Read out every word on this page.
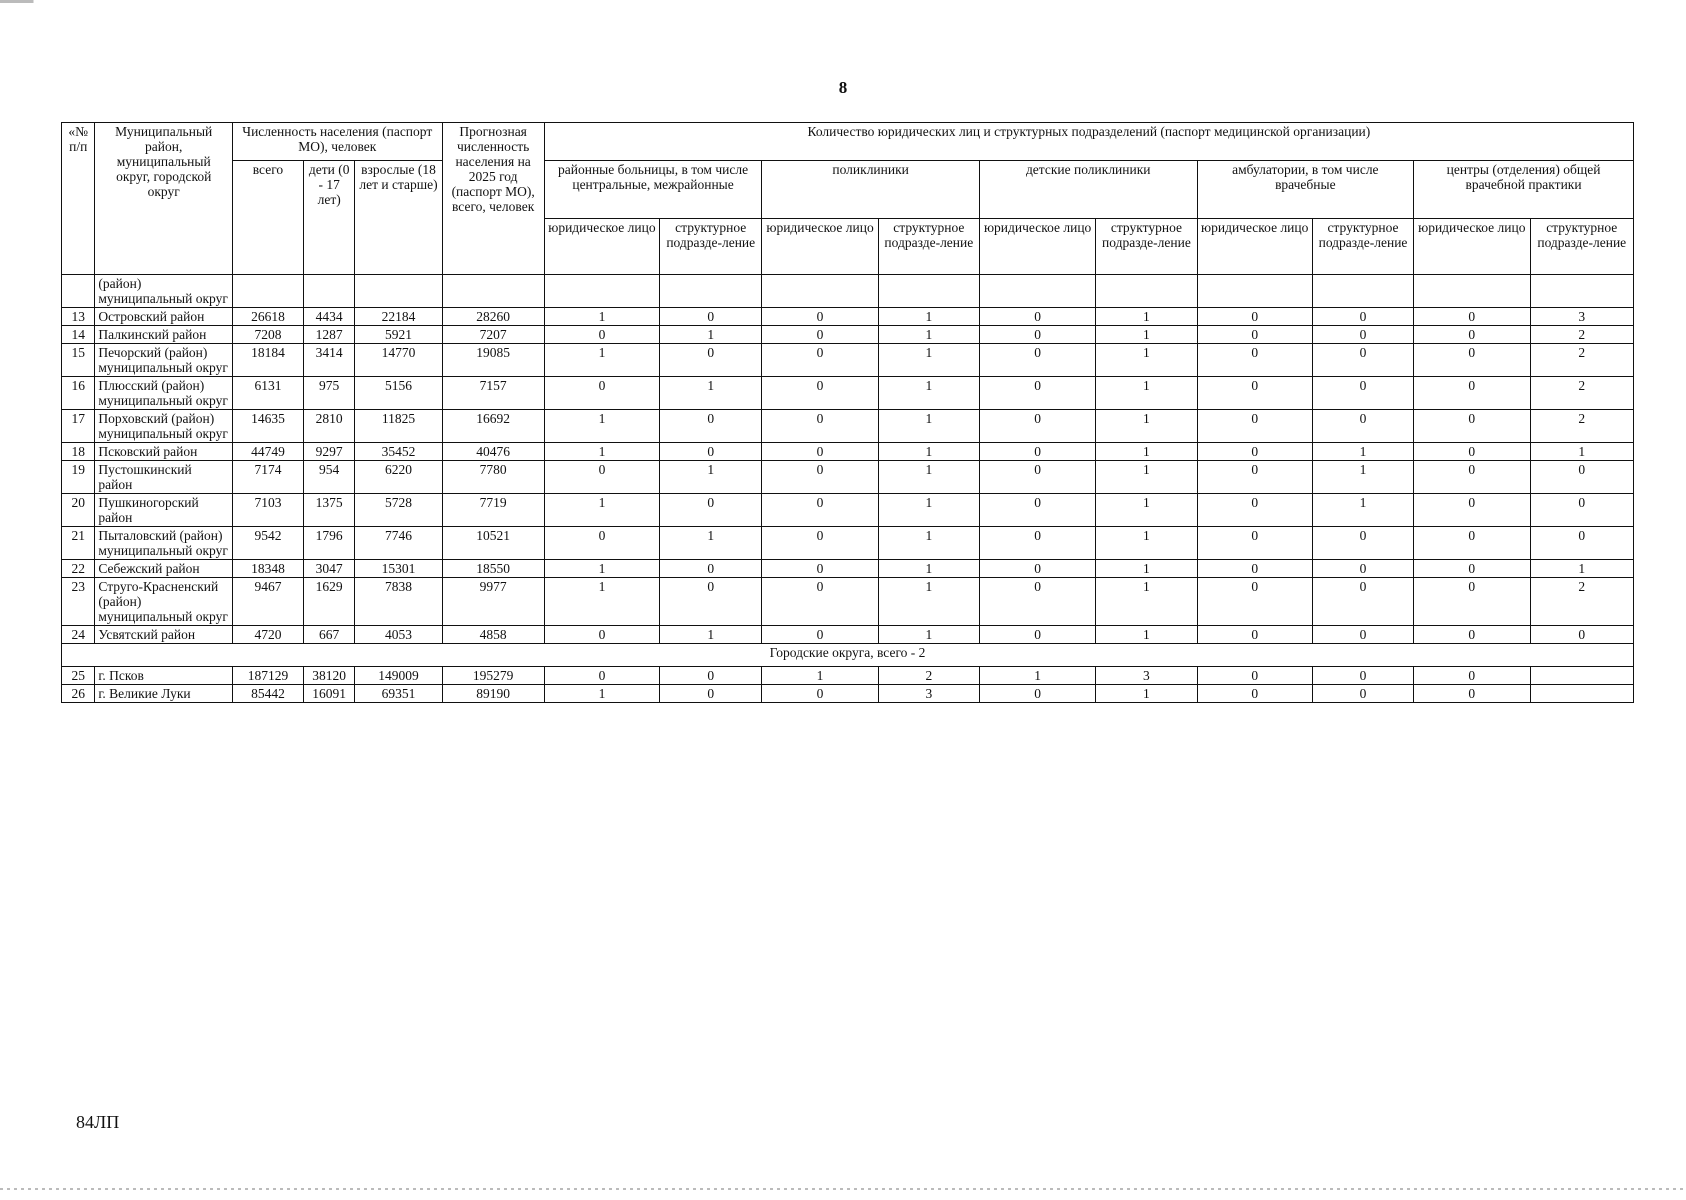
8
«№ п/п	Муниципальный район, муниципальный округ, городской округ	Численность населения (паспорт МО), человек			Прогнозная численность населения на 2025 год (паспорт МО), всего, человек	Количество юридических лиц и структурных подразделений (паспорт медицинской организации)									
		всего	дети (0 - 17 лет)	взрослые (18 лет и старше)		районные больницы, в том числе центральные, межрайонные		поликлиники		детские поликлиники		амбулатории, в том числе врачебные		центры (отделения) общей врачебной практики	
						юридическое лицо	структурное подразде-ление	юридическое лицо	структурное подразде-ление	юридическое лицо	структурное подразде-ление	юридическое лицо	структурное подразде-ление	юридическое лицо	структурное подразде-ление
	(район) муниципальный округ														
13	Островский район	26618	4434	22184	28260	1	0	0	1	0	1	0	0	0	3
14	Палкинский район	7208	1287	5921	7207	0	1	0	1	0	1	0	0	0	2
15	Печорский (район) муниципальный округ	18184	3414	14770	19085	1	0	0	1	0	1	0	0	0	2
16	Плюсский (район) муниципальный округ	6131	975	5156	7157	0	1	0	1	0	1	0	0	0	2
17	Порховский (район) муниципальный округ	14635	2810	11825	16692	1	0	0	1	0	1	0	0	0	2
18	Псковский район	44749	9297	35452	40476	1	0	0	1	0	1	0	1	0	1
19	Пустошкинский район	7174	954	6220	7780	0	1	0	1	0	1	0	1	0	0
20	Пушкиногорский район	7103	1375	5728	7719	1	0	0	1	0	1	0	1	0	0
21	Пыталовский (район) муниципальный округ	9542	1796	7746	10521	0	1	0	1	0	1	0	0	0	0
22	Себежский район	18348	3047	15301	18550	1	0	0	1	0	1	0	0	0	1
23	Струго-Красненский (район) муниципальный округ	9467	1629	7838	9977	1	0	0	1	0	1	0	0	0	2
24	Усвятский район	4720	667	4053	4858	0	1	0	1	0	1	0	0	0	0
Городские округа, всего - 2															
25	г. Псков	187129	38120	149009	195279	0	0	1	2	1	3	0	0	0	
26	г. Великие Луки	85442	16091	69351	89190	1	0	0	3	0	1	0	0	0	
84ЛП
